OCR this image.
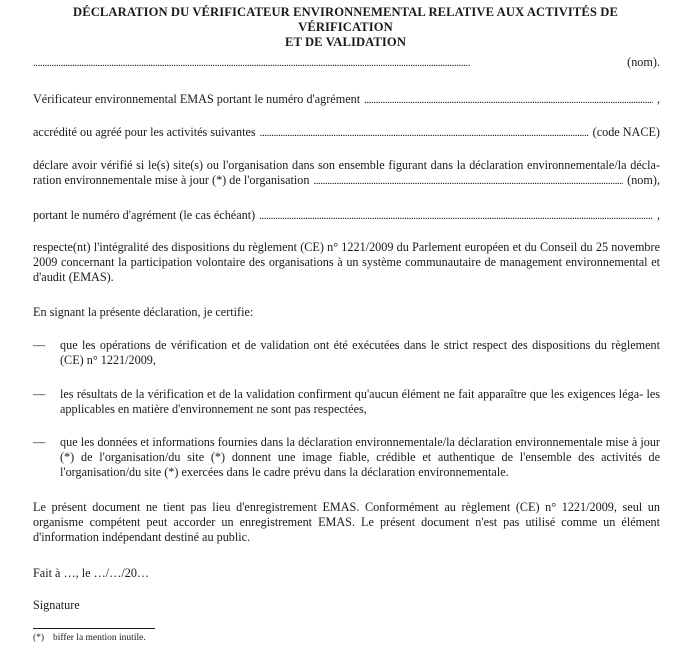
DÉCLARATION DU VÉRIFICATEUR ENVIRONNEMENTAL RELATIVE AUX ACTIVITÉS DE VÉRIFICATION
ET DE VALIDATION
. . .
(nom).
Vérificateur environnemental EMAS portant le numéro d'agrément . . .	,
accrédité ou agréé pour les activités suivantes . . .	(code NACE)
déclare avoir vérifié si le(s) site(s) ou l'organisation dans son ensemble figurant dans la déclaration environnementale/la décla-
ration environnementale mise à jour (*) de l'organisation . . .	(nom),
portant le numéro d'agrément (le cas échéant) . . .	,
respecte(nt) l'intégralité des dispositions du règlement (CE) n° 1221/2009 du Parlement européen et du Conseil du 25 novembre 2009 concernant la participation volontaire des organisations à un système communautaire de management environnemental et d'audit (EMAS).
En signant la présente déclaration, je certifie:
— que les opérations de vérification et de validation ont été exécutées dans le strict respect des dispositions du règlement (CE) n° 1221/2009,
— les résultats de la vérification et de la validation confirment qu'aucun élément ne fait apparaître que les exigences léga- les applicables en matière d'environnement ne sont pas respectées,
— que les données et informations fournies dans la déclaration environnementale/la déclaration environnementale mise à jour (*) de l'organisation/du site (*) donnent une image fiable, crédible et authentique de l'ensemble des activités de l'organisation/du site (*) exercées dans le cadre prévu dans la déclaration environnementale.
Le présent document ne tient pas lieu d'enregistrement EMAS. Conformément au règlement (CE) n° 1221/2009, seul un organisme compétent peut accorder un enregistrement EMAS. Le présent document n'est pas utilisé comme un élément d'information indépendant destiné au public.
Fait à …, le …/…/20…
Signature
(*) biffer la mention inutile.
